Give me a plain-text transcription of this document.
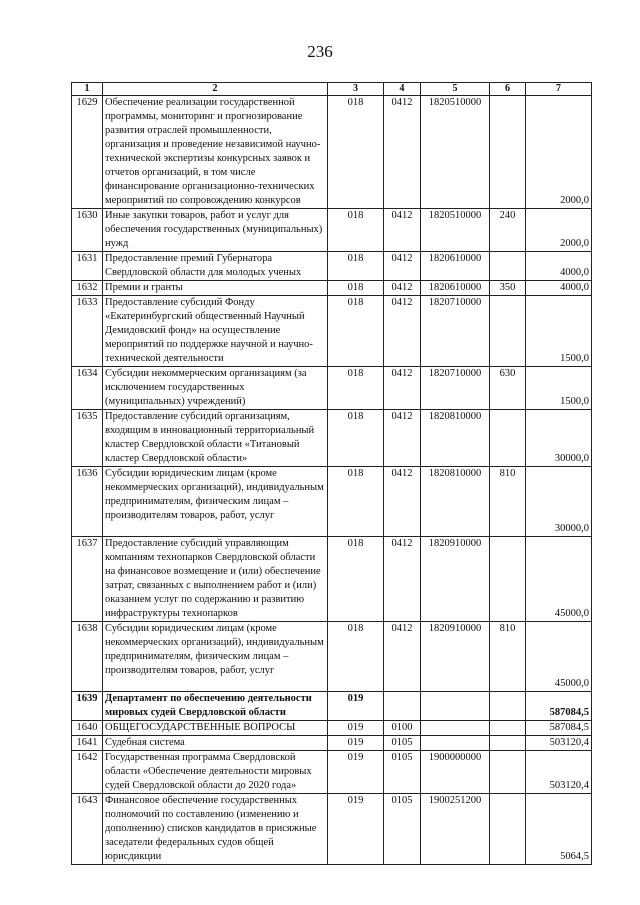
236
1	2	3	4	5	6	7
1629	Обеспечение реализации государственной программы, мониторинг и прогнозирование развития отраслей промышленности, организация и проведение независимой научно-технической экспертизы конкурсных заявок и отчетов организаций, в том числе финансирование организационно-технических мероприятий по сопровождению конкурсов	018	0412	1820510000		2000,0
1630	Иные закупки товаров, работ и услуг для обеспечения государственных (муниципальных) нужд	018	0412	1820510000	240	2000,0
1631	Предоставление премий Губернатора Свердловской области для молодых ученых	018	0412	1820610000		4000,0
1632	Премии и гранты	018	0412	1820610000	350	4000,0
1633	Предоставление субсидий Фонду «Екатеринбургский общественный Научный Демидовский фонд» на осуществление мероприятий по поддержке научной и научно-технической деятельности	018	0412	1820710000		1500,0
1634	Субсидии некоммерческим организациям (за исключением государственных (муниципальных) учреждений)	018	0412	1820710000	630	1500,0
1635	Предоставление субсидий организациям, входящим в инновационный территориальный кластер Свердловской области «Титановый кластер Свердловской области»	018	0412	1820810000		30000,0
1636	Субсидии юридическим лицам (кроме некоммерческих организаций), индивидуальным предпринимателям, физическим лицам – производителям товаров, работ, услуг	018	0412	1820810000	810	30000,0
1637	Предоставление субсидий управляющим компаниям технопарков Свердловской области на финансовое возмещение и (или) обеспечение затрат, связанных с выполнением работ и (или) оказанием услуг по содержанию и развитию инфраструктуры технопарков	018	0412	1820910000		45000,0
1638	Субсидии юридическим лицам (кроме некоммерческих организаций), индивидуальным предпринимателям, физическим лицам – производителям товаров, работ, услуг	018	0412	1820910000	810	45000,0
1639	Департамент по обеспечению деятельности мировых судей Свердловской области	019				587084,5
1640	ОБЩЕГОСУДАРСТВЕННЫЕ ВОПРОСЫ	019	0100			587084,5
1641	Судебная система	019	0105			503120,4
1642	Государственная программа Свердловской области «Обеспечение деятельности мировых судей Свердловской области до 2020 года»	019	0105	1900000000		503120,4
1643	Финансовое обеспечение государственных полномочий по составлению (изменению и дополнению) списков кандидатов в присяжные заседатели федеральных судов общей юрисдикции	019	0105	1900251200		5064,5
